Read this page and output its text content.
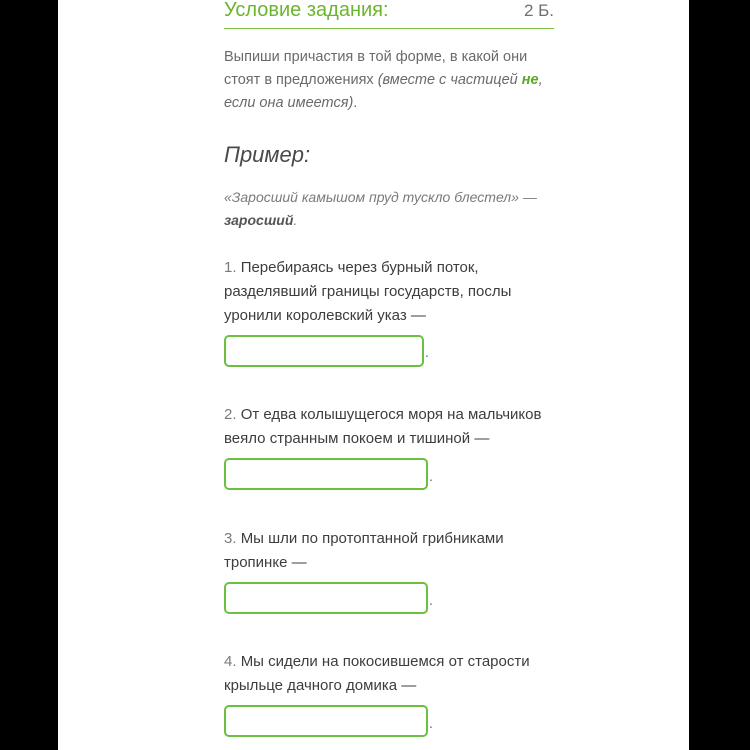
Условие задания:	2 Б.
Выпиши причастия в той форме, в какой они стоят в предложениях (вместе с частицей не, если она имеется).
Пример:
«Заросший камышом пруд тускло блестел» — заросший.
1. Перебираясь через бурный поток, разделявший границы государств, послы уронили королевский указ —
.
2. От едва колышущегося моря на мальчиков веяло странным покоем и тишиной —
.
3. Мы шли по протоптанной грибниками тропинке —
.
4. Мы сидели на покосившемся от старости крыльце дачного домика —
.
